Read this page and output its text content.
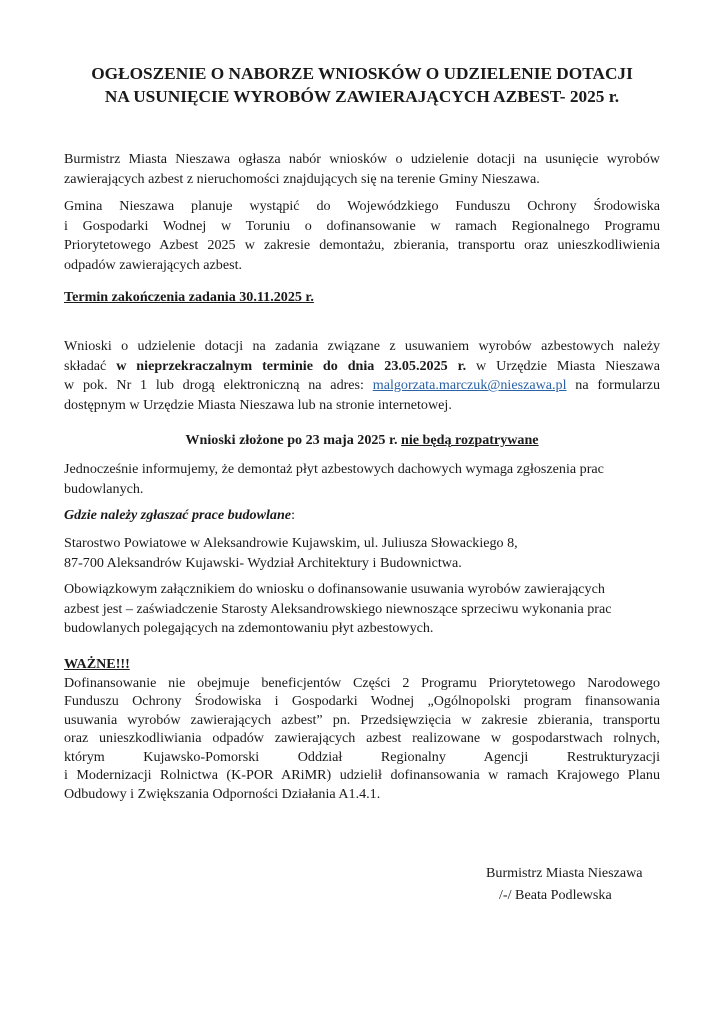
OGŁOSZENIE O NABORZE WNIOSKÓW O UDZIELENIE DOTACJI
NA USUNIĘCIE WYROBÓW ZAWIERAJĄCYCH AZBEST- 2025 r.
Burmistrz Miasta Nieszawa ogłasza nabór wniosków o udzielenie dotacji na usunięcie wyrobów
zawierających azbest z nieruchomości znajdujących się na terenie Gminy Nieszawa.
Gmina Nieszawa planuje wystąpić do Wojewódzkiego Funduszu Ochrony Środowiska
i Gospodarki Wodnej w Toruniu o dofinansowanie w ramach Regionalnego Programu
Priorytetowego Azbest 2025 w zakresie demontażu, zbierania, transportu oraz unieszkodliwienia
odpadów zawierających azbest.
Termin zakończenia zadania 30.11.2025 r.
Wnioski o udzielenie dotacji na zadania związane z usuwaniem wyrobów azbestowych należy
składać w nieprzekraczalnym terminie do dnia 23.05.2025 r. w Urzędzie Miasta Nieszawa
w pok. Nr 1 lub drogą elektroniczną na adres: malgorzata.marczuk@nieszawa.pl na formularzu
dostępnym w Urzędzie Miasta Nieszawa lub na stronie internetowej.
Wnioski złożone po 23 maja 2025 r. nie będą rozpatrywane
Jednocześnie informujemy, że demontaż płyt azbestowych dachowych wymaga zgłoszenia prac
budowlanych.
Gdzie należy zgłaszać prace budowlane:
Starostwo Powiatowe w Aleksandrowie Kujawskim, ul. Juliusza Słowackiego 8,
87-700 Aleksandrów Kujawski- Wydział Architektury i Budownictwa.
Obowiązkowym załącznikiem do wniosku o dofinansowanie usuwania wyrobów zawierających
azbest jest – zaświadczenie Starosty Aleksandrowskiego niewnoszące sprzeciwu wykonania prac
budowlanych polegających na zdemontowaniu płyt azbestowych.
WAŻNE!!!
Dofinansowanie nie obejmuje beneficjentów Części 2 Programu Priorytetowego Narodowego
Funduszu Ochrony Środowiska i Gospodarki Wodnej „Ogólnopolski program finansowania
usuwania wyrobów zawierających azbest” pn. Przedsięwzięcia w zakresie zbierania, transportu
oraz unieszkodliwiania odpadów zawierających azbest realizowane w gospodarstwach rolnych,
którym Kujawsko-Pomorski Oddział Regionalny Agencji Restrukturyzacji
i Modernizacji Rolnictwa (K-POR ARiMR) udzielił dofinansowania w ramach Krajowego Planu
Odbudowy i Zwiększania Odporności Działania A1.4.1.
Burmistrz Miasta Nieszawa
/-/ Beata Podlewska
